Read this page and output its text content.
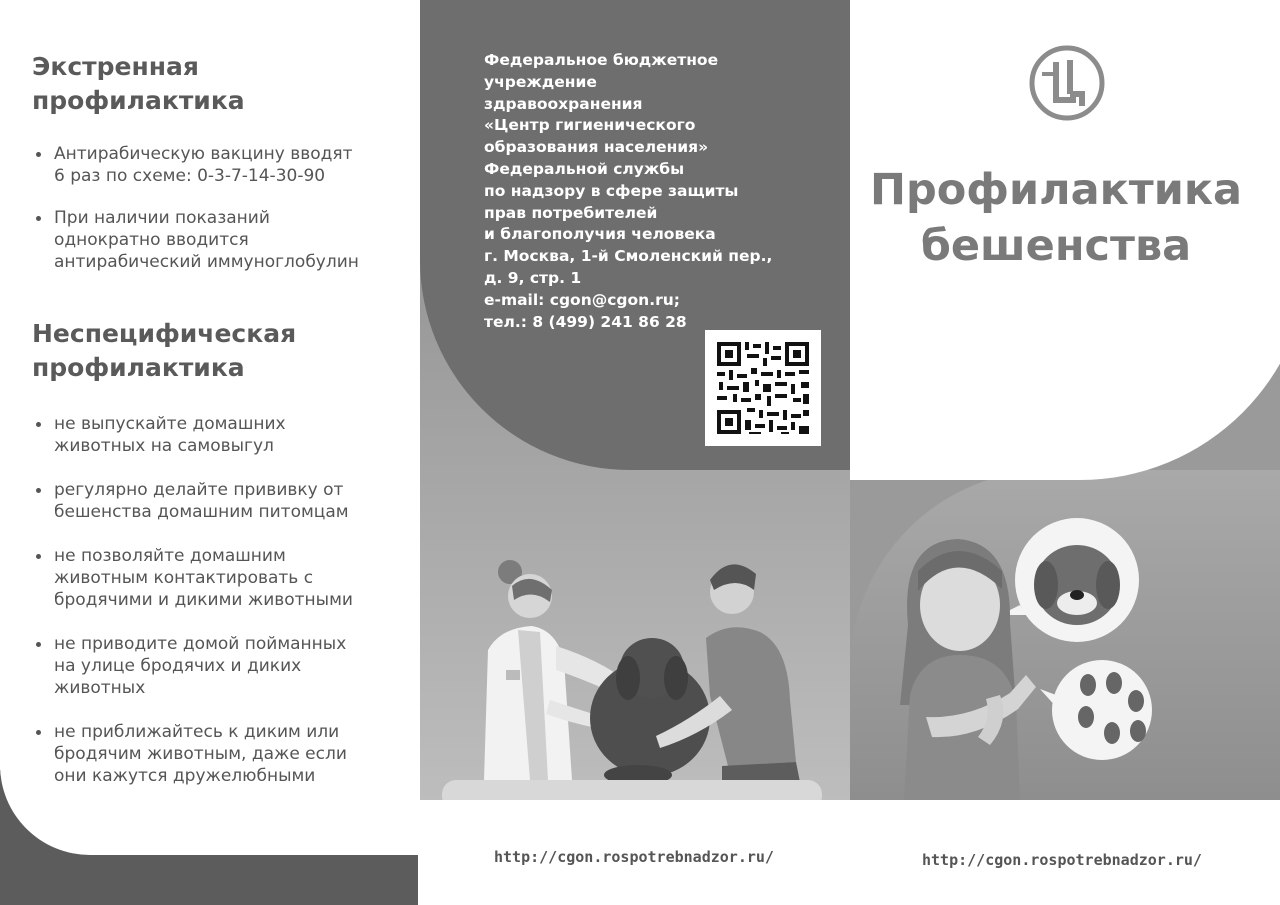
Экстренная
профилактика
Антирабическую вакцину вводят
6 раз по схеме: 0-3-7-14-30-90
При наличии показаний
однократно вводится
антирабический иммуноглобулин
Неспецифическая
профилактика
не выпускайте домашних
животных на самовыгул
регулярно делайте прививку от
бешенства домашним питомцам
не позволяйте домашним
животным контактировать с
бродячими и дикими животными
не приводите домой пойманных
на улице бродячих и диких
животных
не приближайтесь к диким или
бродячим животным, даже если
они кажутся дружелюбными

Федеральное бюджетное
учреждение
здравоохранения
«Центр гигиенического
образования населения»
Федеральной службы
по надзору в сфере защиты
прав потребителей
и благополучия человека
г. Москва, 1-й Смоленский пер.,
д. 9, стр. 1
e-mail: cgon@cgon.ru;
тел.: 8 (499) 241 86 28

Профилактика
бешенства

http://cgon.rospotrebnadzor.ru/	http://cgon.rospotrebnadzor.ru/
